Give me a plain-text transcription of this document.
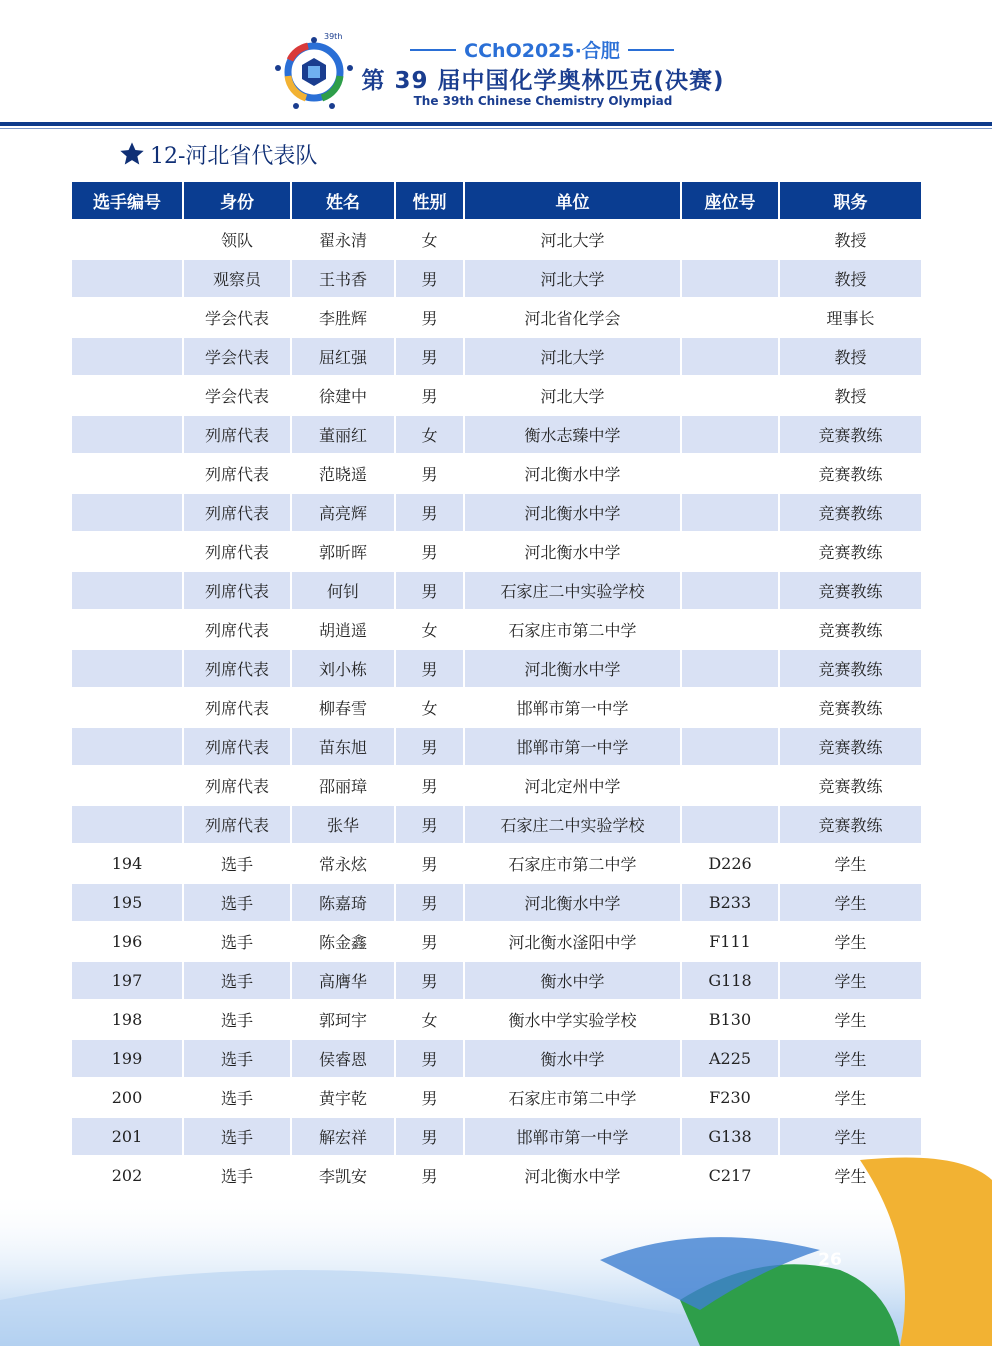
39th
CChO2025·合肥
第 39 届中国化学奥林匹克(决赛)
The 39th Chinese Chemistry Olympiad
12-河北省代表队
选手编号	身份	姓名	性别	单位	座位号	职务
	领队	翟永清	女	河北大学		教授
	观察员	王书香	男	河北大学		教授
	学会代表	李胜辉	男	河北省化学会		理事长
	学会代表	屈红强	男	河北大学		教授
	学会代表	徐建中	男	河北大学		教授
	列席代表	董丽红	女	衡水志臻中学		竞赛教练
	列席代表	范晓遥	男	河北衡水中学		竞赛教练
	列席代表	高亮辉	男	河北衡水中学		竞赛教练
	列席代表	郭昕晖	男	河北衡水中学		竞赛教练
	列席代表	何钊	男	石家庄二中实验学校		竞赛教练
	列席代表	胡逍遥	女	石家庄市第二中学		竞赛教练
	列席代表	刘小栋	男	河北衡水中学		竞赛教练
	列席代表	柳春雪	女	邯郸市第一中学		竞赛教练
	列席代表	苗东旭	男	邯郸市第一中学		竞赛教练
	列席代表	邵丽璋	男	河北定州中学		竞赛教练
	列席代表	张华	男	石家庄二中实验学校		竞赛教练
194	选手	常永炫	男	石家庄市第二中学	D226	学生
195	选手	陈嘉琦	男	河北衡水中学	B233	学生
196	选手	陈金鑫	男	河北衡水滏阳中学	F111	学生
197	选手	高膺华	男	衡水中学	G118	学生
198	选手	郭珂宇	女	衡水中学实验学校	B130	学生
199	选手	侯睿恩	男	衡水中学	A225	学生
200	选手	黄宇乾	男	石家庄市第二中学	F230	学生
201	选手	解宏祥	男	邯郸市第一中学	G138	学生
202	选手	李凯安	男	河北衡水中学	C217	学生
26
